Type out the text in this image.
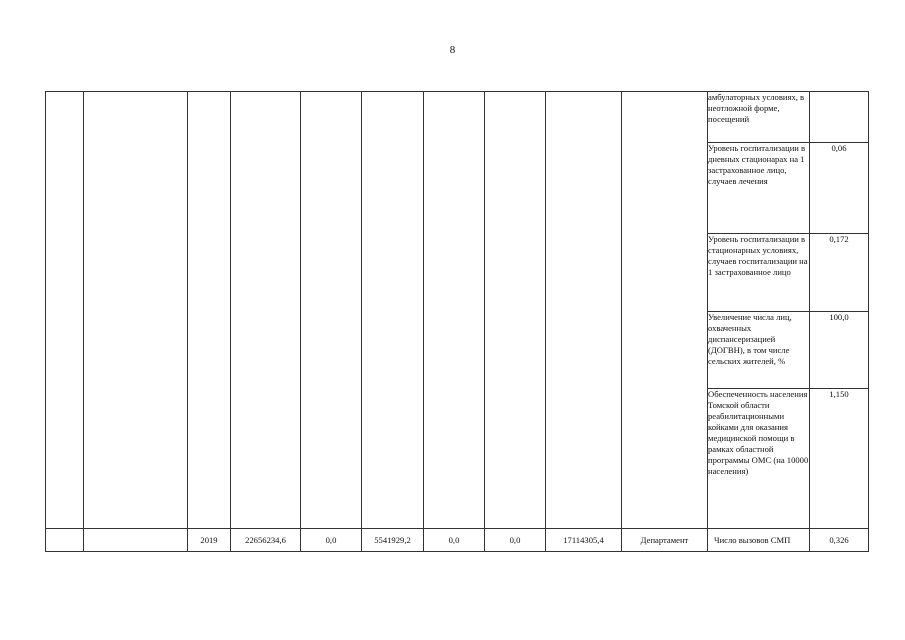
8
										амбулаторных условиях, в неотложной форме, посещений	
										Уровень госпитализации в дневных стационарах на 1 застрахованное лицо, случаев лечения	0,06
										Уровень госпитализации в стационарных условиях, случаев госпитализации на 1 застрахованное лицо	0,172
										Увеличение числа лиц, охваченных диспансеризацией (ДОГВН), в том числе сельских жителей, %	100,0
										Обеспеченность населения Томской области реабилитационными койками для оказания медицинской помощи в рамках областной программы ОМС (на 10000 населения)	1,150
		2019	22656234,6	0,0	5541929,2	0,0	0,0	17114305,4	Департамент	Число вызовов СМП	0,326
